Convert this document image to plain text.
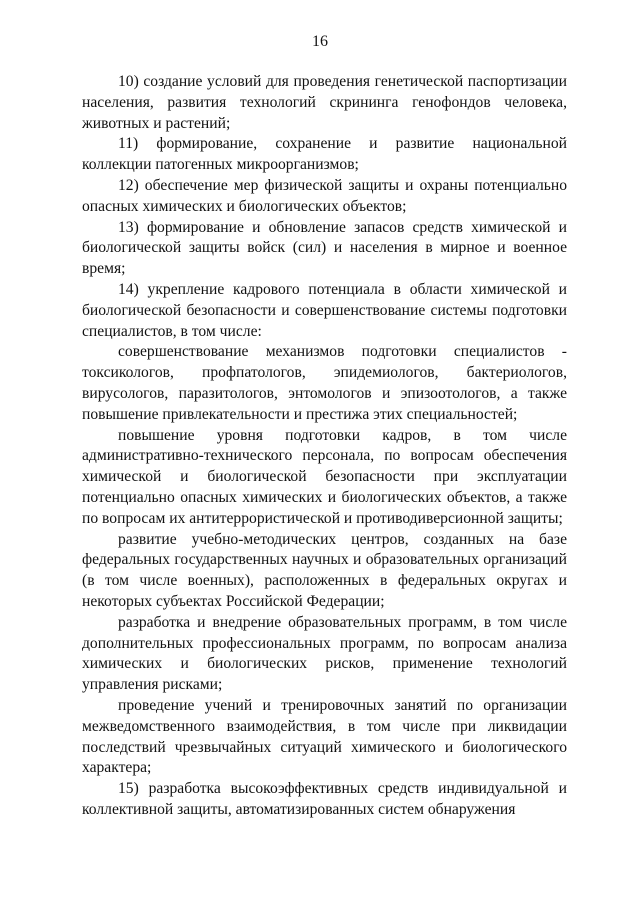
16

10) создание условий для проведения генетической паспортизации населения, развития технологий скрининга генофондов человека, животных и растений;

11) формирование, сохранение и развитие национальной коллекции патогенных микроорганизмов;

12) обеспечение мер физической защиты и охраны потенциально опасных химических и биологических объектов;

13) формирование и обновление запасов средств химической и биологической защиты войск (сил) и населения в мирное и военное время;

14) укрепление кадрового потенциала в области химической и биологической безопасности и совершенствование системы подготовки специалистов, в том числе:

совершенствование механизмов подготовки специалистов - токсикологов, профпатологов, эпидемиологов, бактериологов, вирусологов, паразитологов, энтомологов и эпизоотологов, а также повышение привлекательности и престижа этих специальностей;

повышение уровня подготовки кадров, в том числе административно-технического персонала, по вопросам обеспечения химической и биологической безопасности при эксплуатации потенциально опасных химических и биологических объектов, а также по вопросам их антитеррористической и противодиверсионной защиты;

развитие учебно-методических центров, созданных на базе федеральных государственных научных и образовательных организаций (в том числе военных), расположенных в федеральных округах и некоторых субъектах Российской Федерации;

разработка и внедрение образовательных программ, в том числе дополнительных профессиональных программ, по вопросам анализа химических и биологических рисков, применение технологий управления рисками;

проведение учений и тренировочных занятий по организации межведомственного взаимодействия, в том числе при ликвидации последствий чрезвычайных ситуаций химического и биологического характера;

15) разработка высокоэффективных средств индивидуальной и коллективной защиты, автоматизированных систем обнаружения
